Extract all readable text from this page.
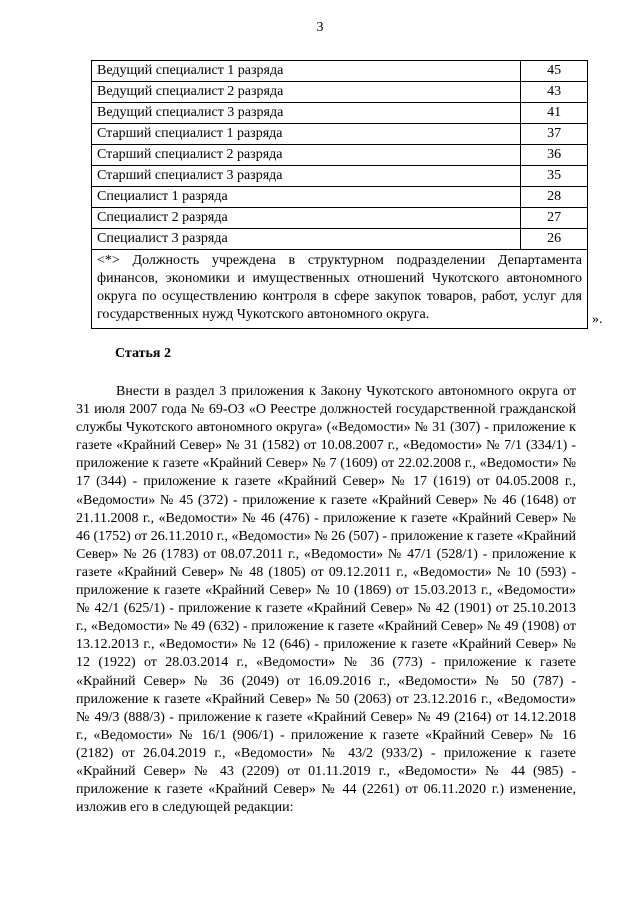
3
Ведущий специалист 1 разряда	45
Ведущий специалист 2 разряда	43
Ведущий специалист 3 разряда	41
Старший специалист 1 разряда	37
Старший специалист 2 разряда	36
Старший специалист 3 разряда	35
Специалист 1 разряда	28
Специалист 2 разряда	27
Специалист 3 разряда	26
<*> Должность учреждена в структурном подразделении Департамента финансов, экономики и имущественных отношений Чукотского автономного округа по осуществлению контроля в сфере закупок товаров, работ, услуг для государственных нужд Чукотского автономного округа.		».
Статья 2

Внести в раздел 3 приложения к Закону Чукотского автономного округа от 31 июля 2007 года № 69-ОЗ «О Реестре должностей государственной гражданской службы Чукотского автономного округа» («Ведомости» № 31 (307) - приложение к газете «Крайний Север» № 31 (1582) от 10.08.2007 г., «Ведомости» № 7/1 (334/1) - приложение к газете «Крайний Север» № 7 (1609) от 22.02.2008 г., «Ведомости» № 17 (344) - приложение к газете «Крайний Север» № 17 (1619) от 04.05.2008 г., «Ведомости» № 45 (372) - приложение к газете «Крайний Север» № 46 (1648) от 21.11.2008 г., «Ведомости» № 46 (476) - приложение к газете «Крайний Север» № 46 (1752) от 26.11.2010 г., «Ведомости» № 26 (507) - приложение к газете «Крайний Север» № 26 (1783) от 08.07.2011 г., «Ведомости» № 47/1 (528/1) - приложение к газете «Крайний Север» № 48 (1805) от 09.12.2011 г., «Ведомости» № 10 (593) - приложение к газете «Крайний Север» № 10 (1869) от 15.03.2013 г., «Ведомости» № 42/1 (625/1) - приложение к газете «Крайний Север» № 42 (1901) от 25.10.2013 г., «Ведомости» № 49 (632) - приложение к газете «Крайний Север» № 49 (1908) от 13.12.2013 г., «Ведомости» № 12 (646) - приложение к газете «Крайний Север» № 12 (1922) от 28.03.2014 г., «Ведомости» № 36 (773) - приложение к газете «Крайний Север» № 36 (2049) от 16.09.2016 г., «Ведомости» № 50 (787) - приложение к газете «Крайний Север» № 50 (2063) от 23.12.2016 г., «Ведомости» № 49/3 (888/3) - приложение к газете «Крайний Север» № 49 (2164) от 14.12.2018 г., «Ведомости» № 16/1 (906/1) - приложение к газете «Крайний Север» № 16 (2182) от 26.04.2019 г., «Ведомости» № 43/2 (933/2) - приложение к газете «Крайний Север» № 43 (2209) от 01.11.2019 г., «Ведомости» № 44 (985) - приложение к газете «Крайний Север» № 44 (2261) от 06.11.2020 г.) изменение, изложив его в следующей редакции:
